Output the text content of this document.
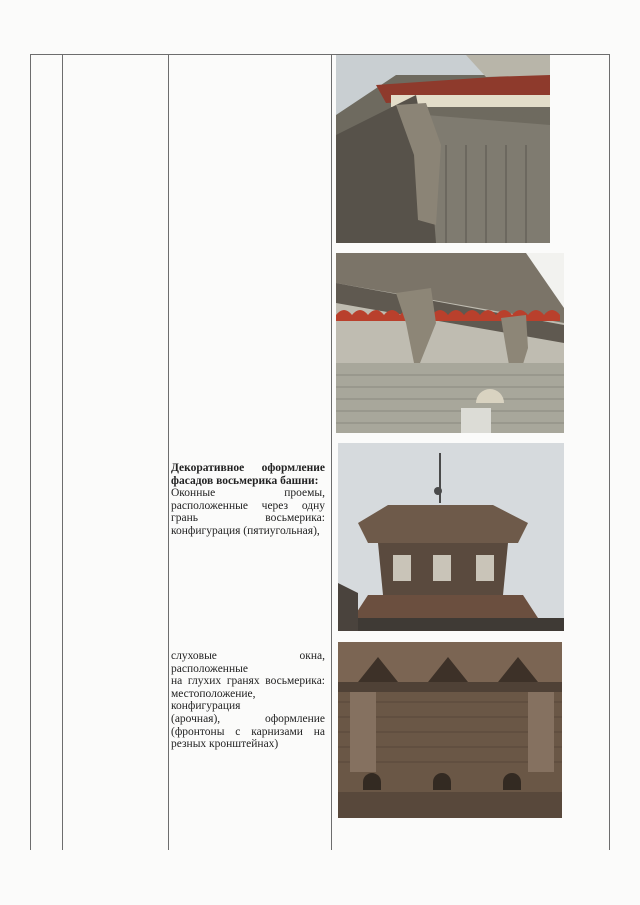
Декоративное оформление

фасадов восьмерика башни:

Оконные проемы,

расположенные через одну

грань восьмерика:

конфигурация (пятиугольная),

слуховые окна, расположенные

на глухих гранях восьмерика:

местоположение, конфигурация

(арочная), оформление

(фронтоны с карнизами на

резных кронштейнах)
